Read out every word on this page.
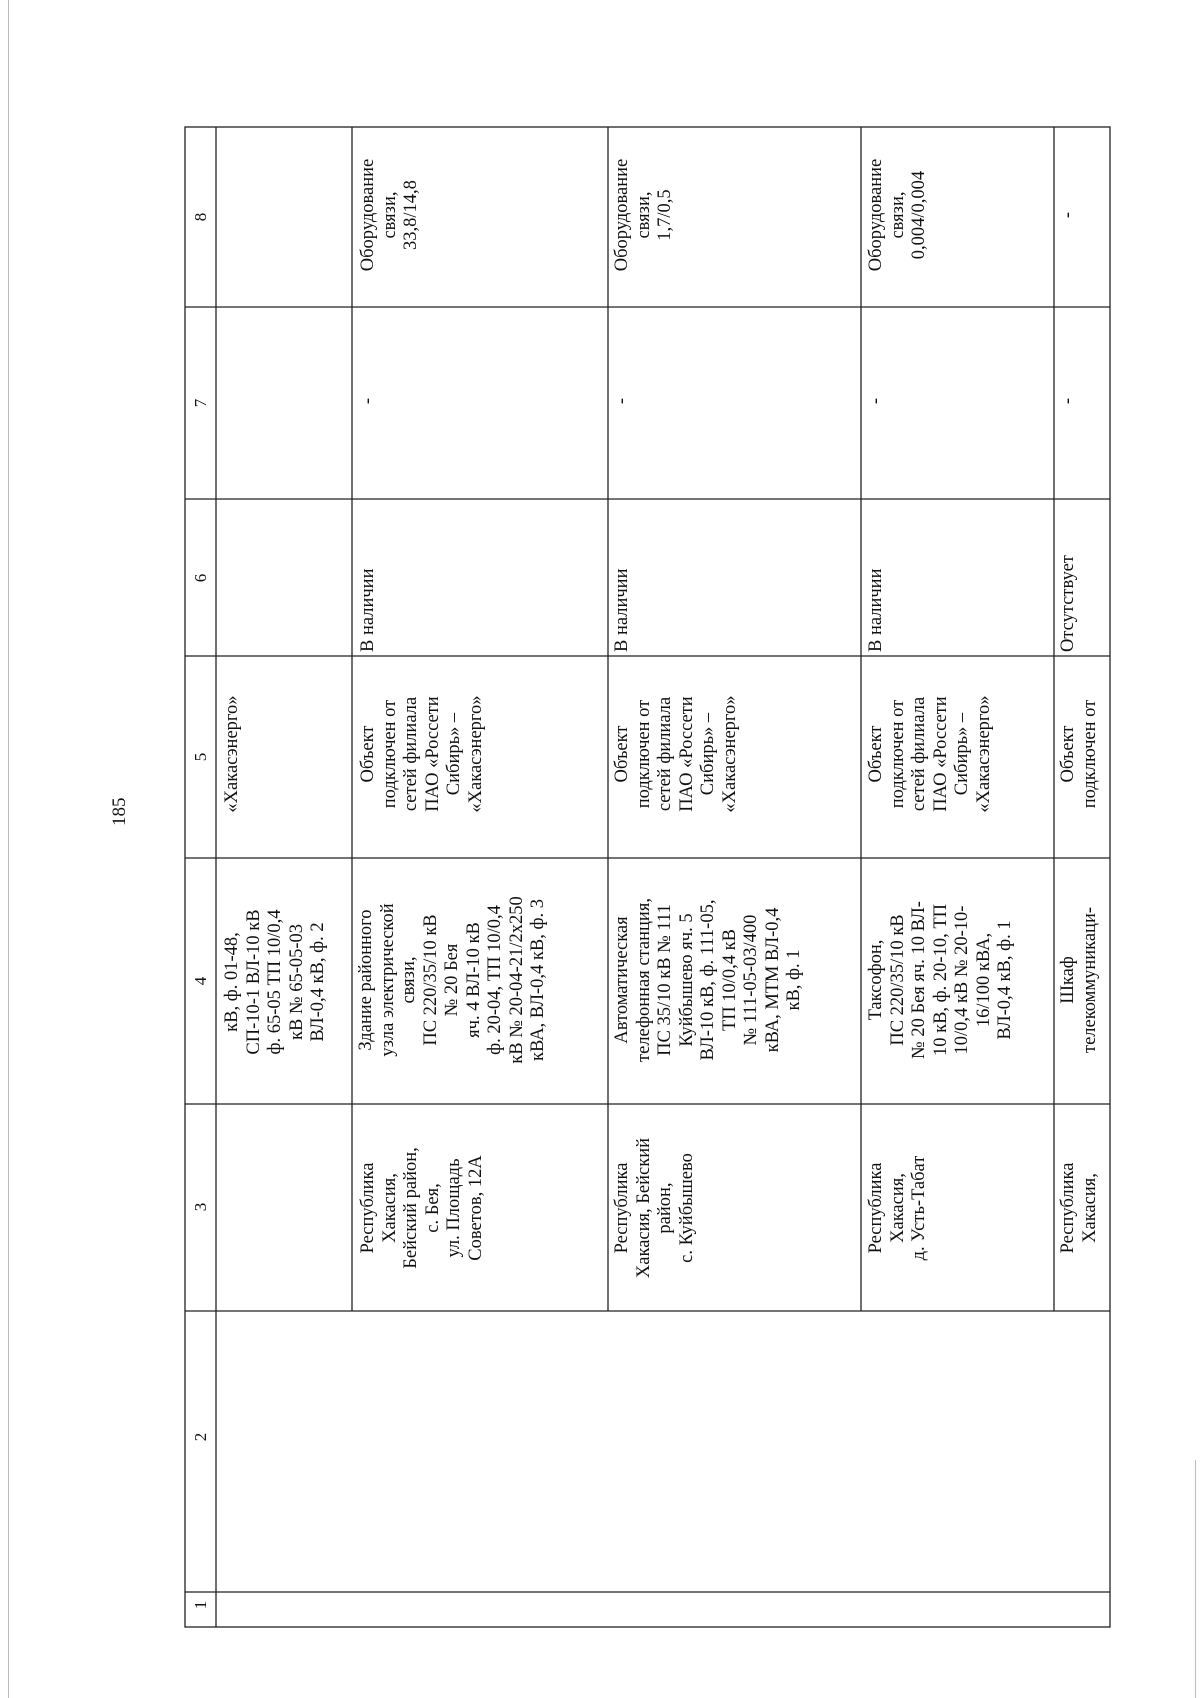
185
1
2
3
4
5
6
7
8
кВ, ф. 01-48,
СП-10-1 ВЛ-10 кВ
ф. 65-05 ТП 10/0,4
кВ № 65-05-03
ВЛ-0,4 кВ, ф. 2
«Хакасэнерго»
Республика
Хакасия,
Бейский район,
с. Бея,
ул. Площадь
Советов, 12А
Здание районного
узла электрической
связи,
ПС 220/35/10 кВ
№ 20 Бея
яч. 4 ВЛ-10 кВ
ф. 20-04, ТП 10/0,4
кВ № 20-04-21/2х250
кВА, ВЛ-0,4 кВ, ф. 3
Объект
подключен от
сетей филиала
ПАО «Россети
Сибирь» –
«Хакасэнерго»
В наличии
-
Оборудование
связи,
33,8/14,8
Республика
Хакасия, Бейский
район,
с. Куйбышево
Автоматическая
телефонная станция,
ПС 35/10 кВ № 111
Куйбышево яч. 5
ВЛ-10 кВ, ф. 111-05,
ТП 10/0,4 кВ
№ 111-05-03/400
кВА, МТМ ВЛ-0,4
кВ, ф. 1
Объект
подключен от
сетей филиала
ПАО «Россети
Сибирь» –
«Хакасэнерго»
В наличии
-
Оборудование
связи,
1,7/0,5
Республика
Хакасия,
д. Усть-Табат
Таксофон,
ПС 220/35/10 кВ
№ 20 Бея яч. 10 ВЛ-
10 кВ, ф. 20-10, ТП
10/0,4 кВ № 20-10-
16/100 кВА,
ВЛ-0,4 кВ, ф. 1
Объект
подключен от
сетей филиала
ПАО «Россети
Сибирь» –
«Хакасэнерго»
В наличии
-
Оборудование
связи,
0,004/0,004
Республика
Хакасия,
Шкаф
телекоммуникаци-
Объект
подключен от
Отсутствует
-
-
